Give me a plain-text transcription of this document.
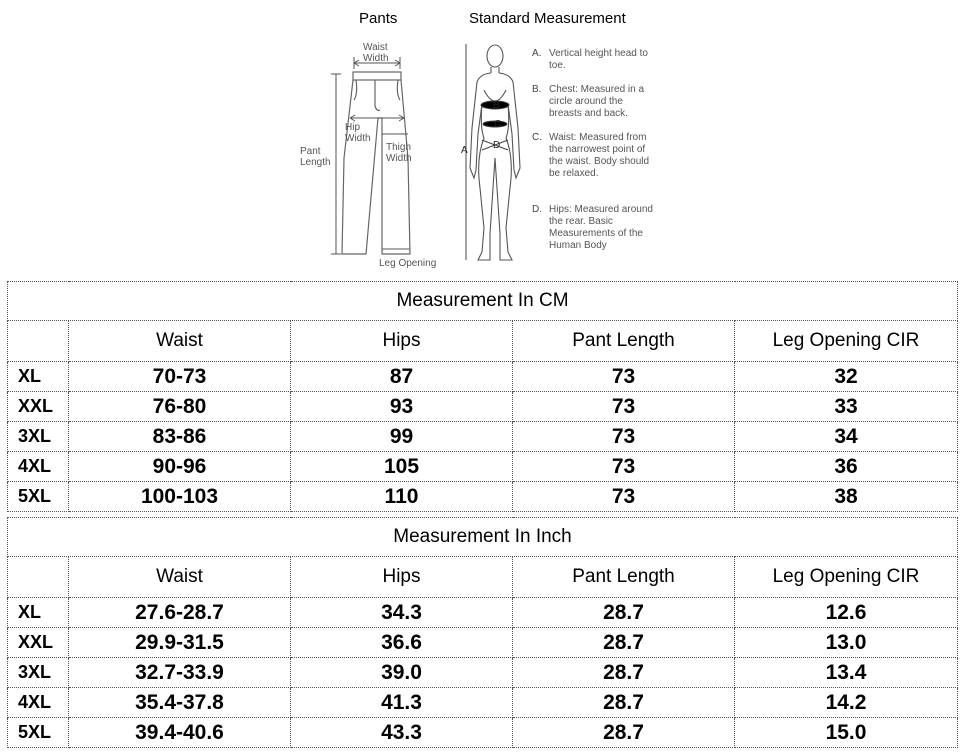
Pants	Standard Measurement
Waist
Width
Hip
Width
Pant
Length
Thigh
Width
Leg Opening
B
C
D
A
A. Vertical height head to toe.
B. Chest: Measured in a circle around the breasts and back.
C. Waist: Measured from the narrowest point of the waist. Body should be relaxed.
D. Hips: Measured around the rear. Basic Measurements of the Human Body
Measurement In CM				
	Waist	Hips	Pant Length	Leg Opening CIR
XL	70-73	87	73	32
XXL	76-80	93	73	33
3XL	83-86	99	73	34
4XL	90-96	105	73	36
5XL	100-103	110	73	38
Measurement In Inch				
	Waist	Hips	Pant Length	Leg Opening CIR
XL	27.6-28.7	34.3	28.7	12.6
XXL	29.9-31.5	36.6	28.7	13.0
3XL	32.7-33.9	39.0	28.7	13.4
4XL	35.4-37.8	41.3	28.7	14.2
5XL	39.4-40.6	43.3	28.7	15.0
